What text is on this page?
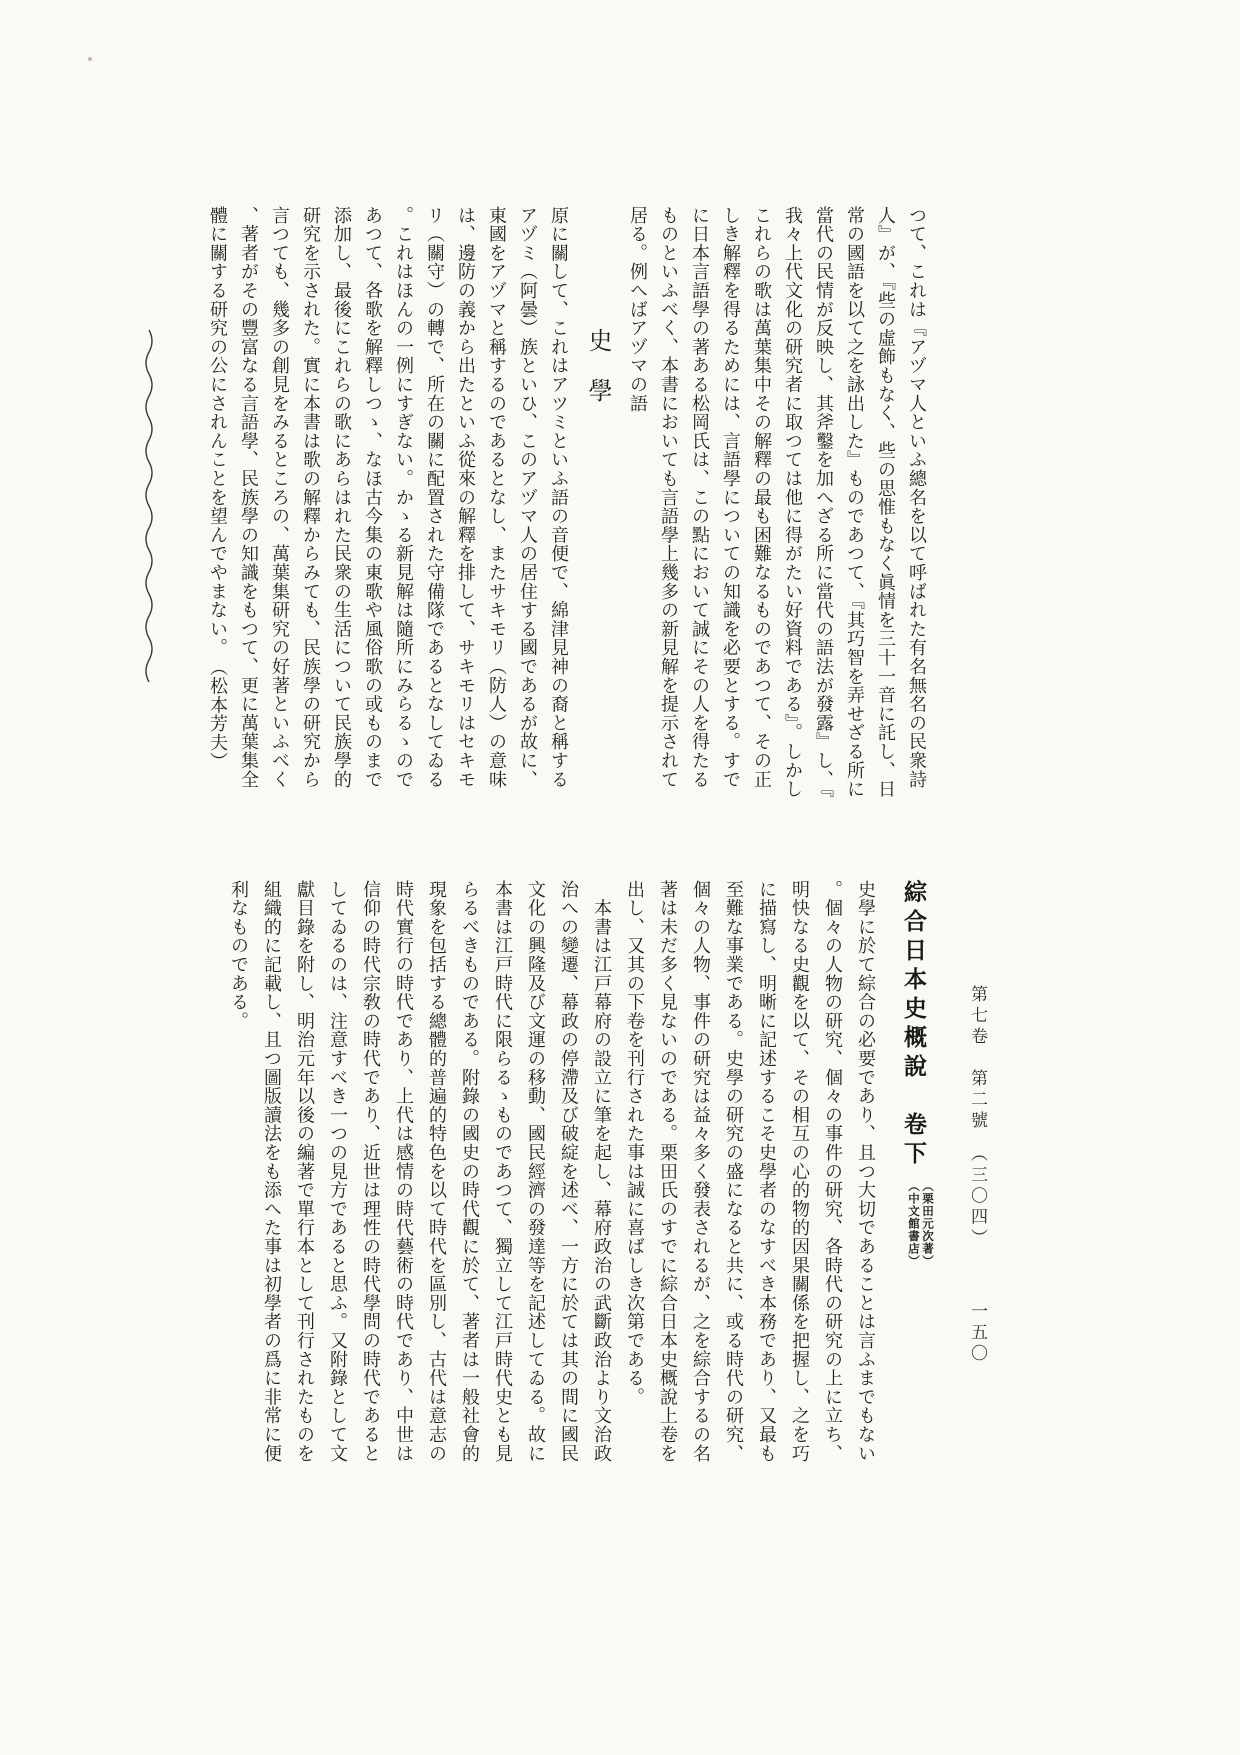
つて、これは『アヅマ人といふ總名を以て呼ばれた有名無名の民衆詩人』が、『些の虛飾もなく、些の思惟もなく眞情を三十一音に託し、日常の國語を以て之を詠出した』ものであつて、『其巧智を弄せざる所に當代の民情が反映し、其斧鑿を加へざる所に當代の語法が發露』し、『我々上代文化の研究者に取つては他に得がたい好資料である』。しかしこれらの歌は萬葉集中その解釋の最も困難なるものであつて、その正しき解釋を得るためには、言語學についての知識を必要とする。すでに日本言語學の著ある松岡氏は、この點において誠にその人を得たるものといふべく、本書においても言語學上幾多の新見解を提示されて居る。例へばアヅマの語
史學
原に關して、これはアツミといふ語の音便で、綿津見神の裔と稱するアヅミ（阿曇）族といひ、このアヅマ人の居住する國であるが故に、東國をアヅマと稱するのであるとなし、またサキモリ（防人）の意味は、邊防の義から出たといふ從來の解釋を排して、サキモリはセキモリ（關守）の轉で、所在の關に配置された守備隊であるとなしてゐる。これはほんの一例にすぎない。かゝる新見解は隨所にみらるゝのであつて、各歌を解釋しつゝ、なほ古今集の東歌や風俗歌の或ものまで添加し、最後にこれらの歌にあらはれた民衆の生活について民族學的研究を示された。實に本書は歌の解釋からみても、民族學の研究から言つても、幾多の創見をみるところの、萬葉集研究の好著といふべく、著者がその豐富なる言語學、民族學の知識をもつて、更に萬葉集全體に關する研究の公にされんことを望んでやまない。（松本芳夫）
綜合日本史概說　卷下
（栗田元次著）
（中文館書店）
史學に於て綜合の必要であり、且つ大切であることは言ふまでもない。個々の人物の研究、個々の事件の研究、各時代の研究の上に立ち、明快なる史觀を以て、その相互の心的物的因果關係を把握し、之を巧に描寫し、明晰に記述するこそ史學者のなすべき本務であり、又最も至難な事業である。史學の研究の盛になると共に、或る時代の研究、個々の人物、事件の研究は益々多く發表されるが、之を綜合するの名著は未だ多く見ないのである。栗田氏のすでに綜合日本史概說上卷を出し、又其の下卷を刊行された事は誠に喜ばしき次第である。
　本書は江戸幕府の設立に筆を起し、幕府政治の武斷政治より文治政治への變遷、幕政の停滯及び破綻を述べ、一方に於ては其の間に國民文化の興隆及び文運の移動、國民經濟の發達等を記述してゐる。故に本書は江戸時代に限らるゝものであつて、獨立して江戸時代史とも見らるべきものである。附錄の國史の時代觀に於て、著者は一般社會的現象を包括する總體的普遍的特色を以て時代を區別し、古代は意志の時代實行の時代であり、上代は感情の時代藝術の時代であり、中世は信仰の時代宗敎の時代であり、近世は理性の時代學問の時代であるとしてゐるのは、注意すべき一つの見方であると思ふ。又附錄として文獻目錄を附し、明治元年以後の編著で單行本として刊行されたものを組織的に記載し、且つ圖版讀法をも添へた事は初學者の爲に非常に便利なものである。
第七卷　第二號　（三〇四）一五〇
